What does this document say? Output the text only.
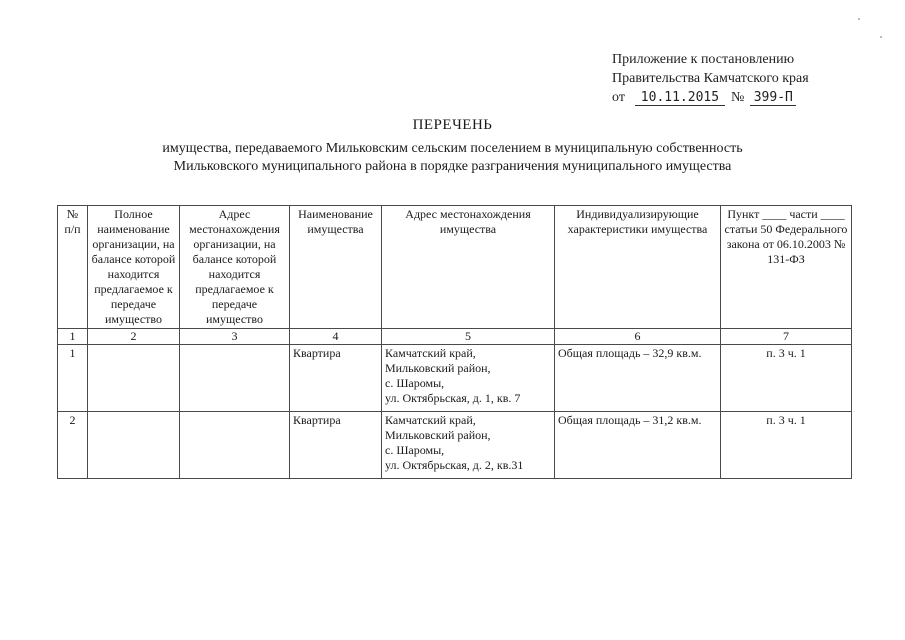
Приложение к постановлению
Правительства Камчатского края
от 10.11.2015 № 399-П
ПЕРЕЧЕНЬ
имущества, передаваемого Мильковским сельским поселением в муниципальную собственность
Мильковского муниципального района в порядке разграничения муниципального имущества
№ п/п	Полное наименование организации, на балансе которой находится предлагаемое к передаче имущество	Адрес местонахождения организации, на балансе которой находится предлагаемое к передаче имущество	Наименование имущества	Адрес местонахождения имущества	Индивидуализирующие характеристики имущества	Пункт ____ части ____ статьи 50 Федерального закона от 06.10.2003 № 131-ФЗ
1	2	3	4	5	6	7
1			Квартира	Камчатский край,
Мильковский район,
с. Шаромы,
ул. Октябрьская, д. 1, кв. 7	Общая площадь – 32,9 кв.м.	п. 3 ч. 1
2			Квартира	Камчатский край,
Мильковский район,
с. Шаромы,
ул. Октябрьская, д. 2, кв.31	Общая площадь – 31,2 кв.м.	п. 3 ч. 1
